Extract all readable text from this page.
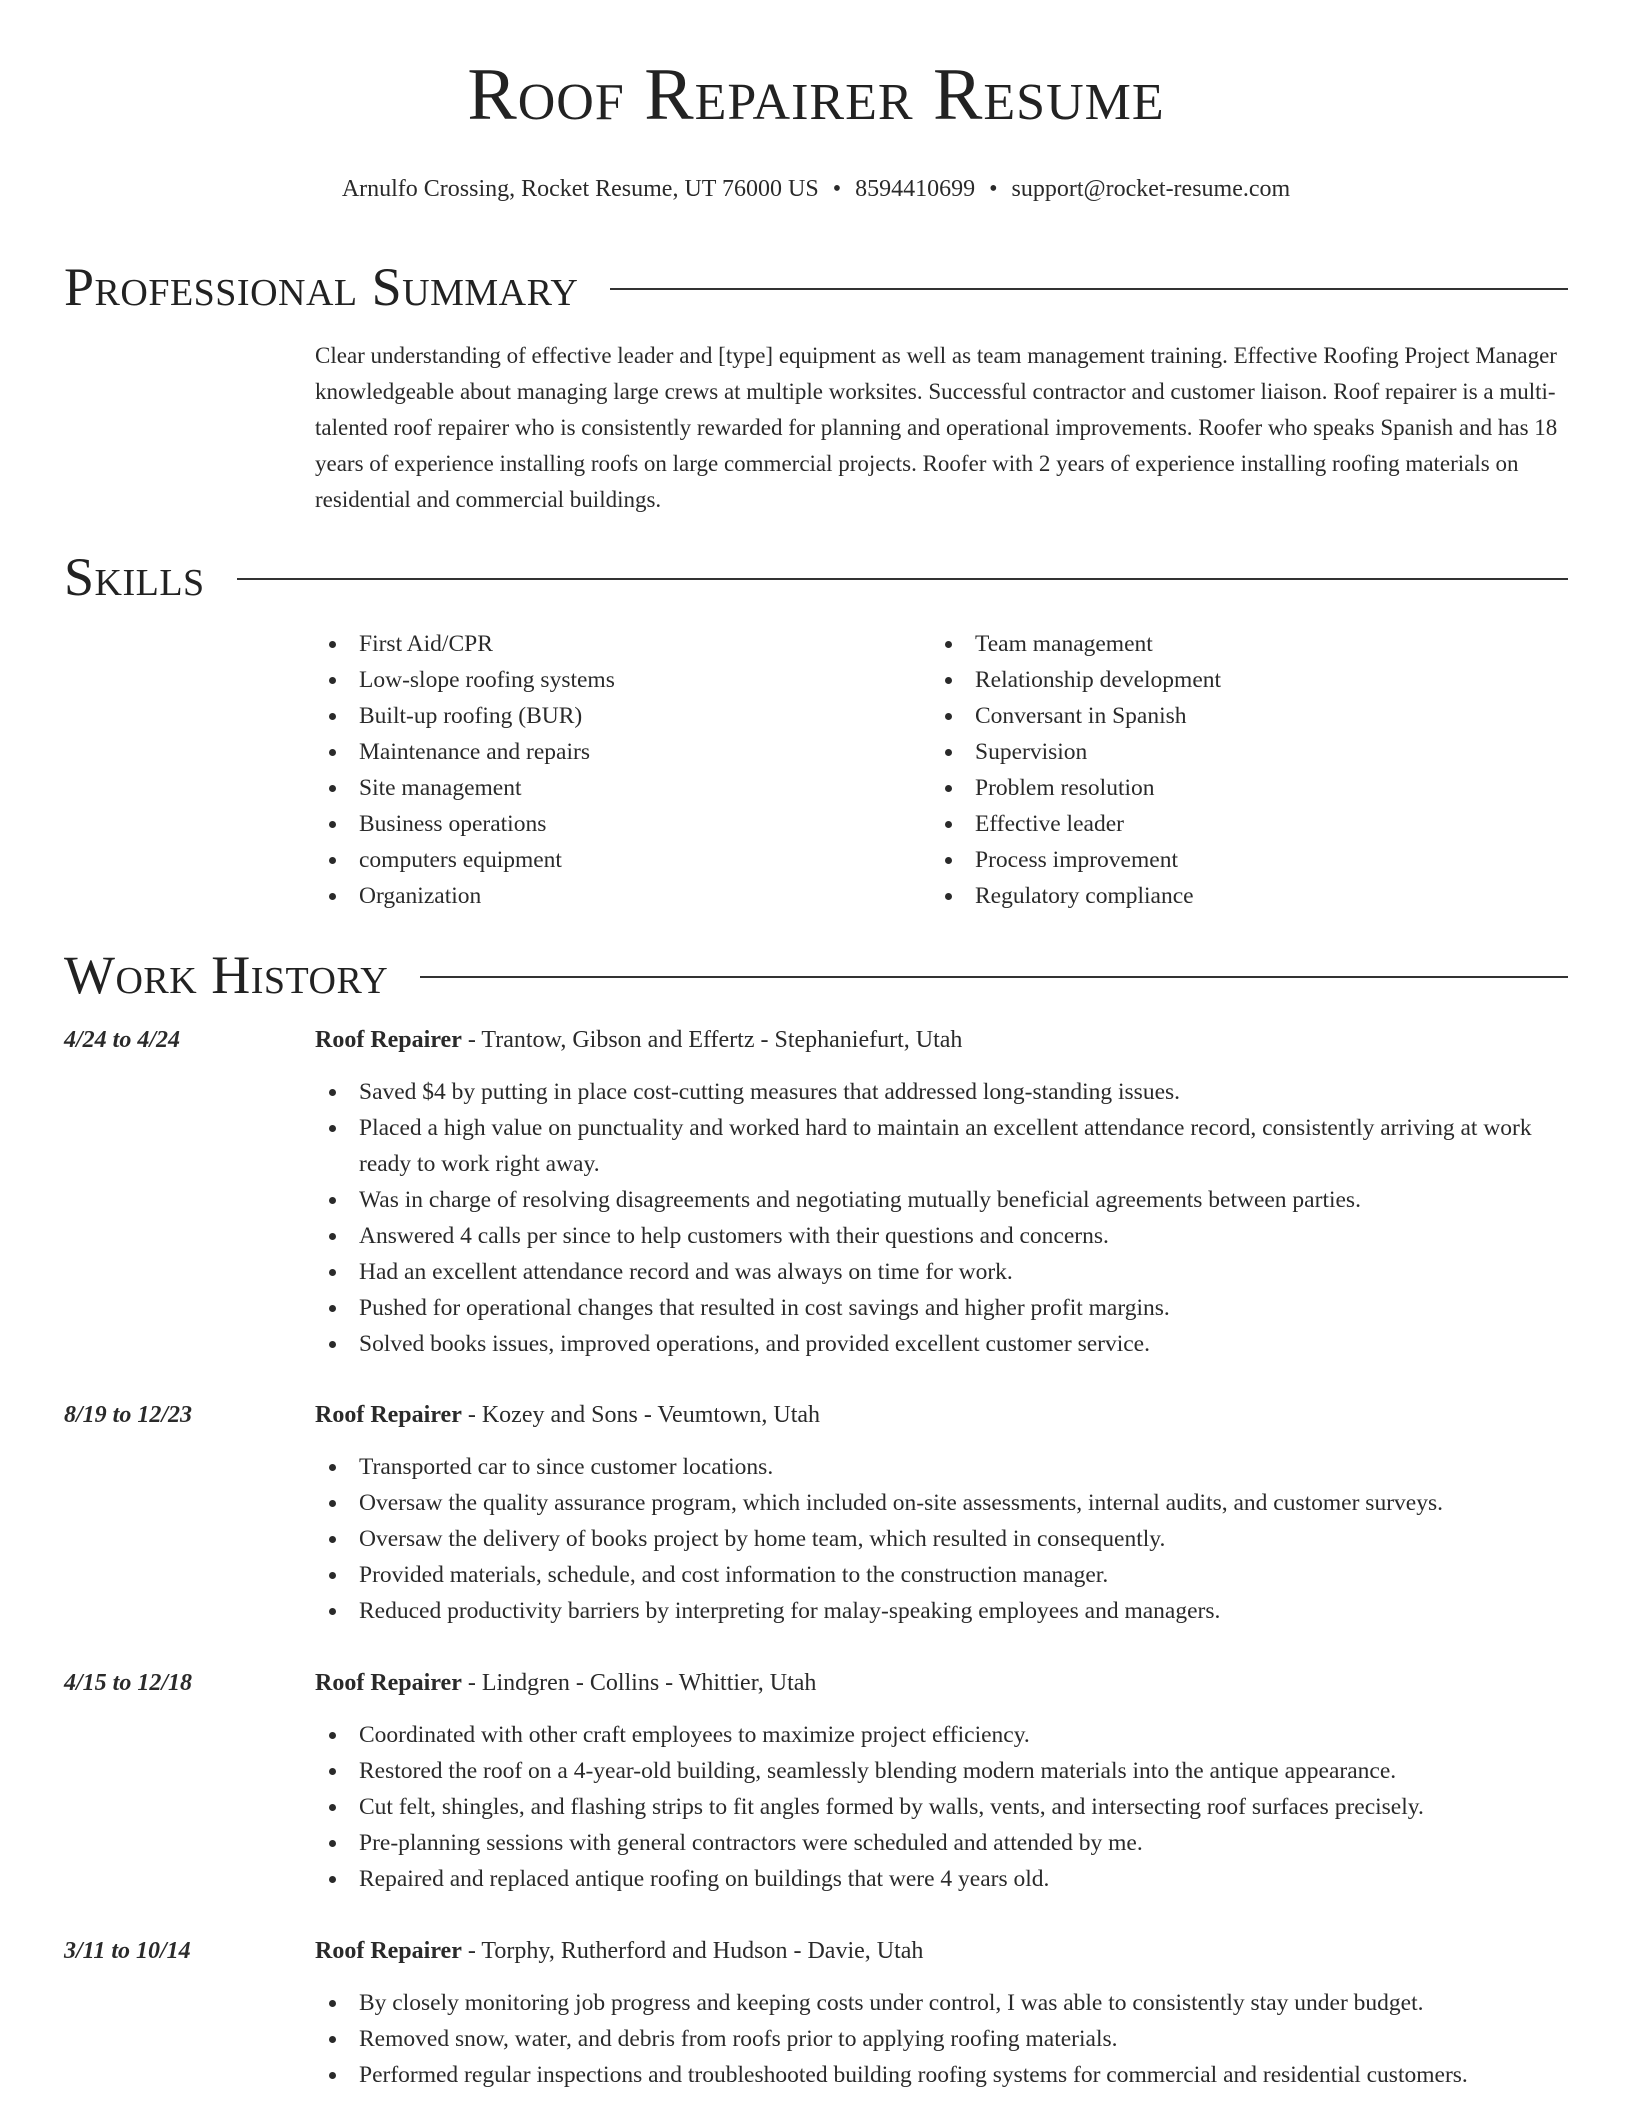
Roof Repairer Resume
Arnulfo Crossing, Rocket Resume, UT 76000 US • 8594410699 • support@rocket-resume.com
Professional Summary

Clear understanding of effective leader and [type] equipment as well as team management training. Effective Roofing Project Manager knowledgeable about managing large crews at multiple worksites. Successful contractor and customer liaison. Roof repairer is a multi-talented roof repairer who is consistently rewarded for planning and operational improvements. Roofer who speaks Spanish and has 18 years of experience installing roofs on large commercial projects. Roofer with 2 years of experience installing roofing materials on residential and commercial buildings.

Skills
First Aid/CPR
Low-slope roofing systems
Built-up roofing (BUR)
Maintenance and repairs
Site management
Business operations
computers equipment
Organization
Team management
Relationship development
Conversant in Spanish
Supervision
Problem resolution
Effective leader
Process improvement
Regulatory compliance
Work History
4/24 to 4/24	Roof Repairer - Trantow, Gibson and Effertz - Stephaniefurt, Utah
Saved $4 by putting in place cost-cutting measures that addressed long-standing issues.
Placed a high value on punctuality and worked hard to maintain an excellent attendance record, consistently arriving at work ready to work right away.
Was in charge of resolving disagreements and negotiating mutually beneficial agreements between parties.
Answered 4 calls per since to help customers with their questions and concerns.
Had an excellent attendance record and was always on time for work.
Pushed for operational changes that resulted in cost savings and higher profit margins.
Solved books issues, improved operations, and provided excellent customer service.
8/19 to 12/23	Roof Repairer - Kozey and Sons - Veumtown, Utah
Transported car to since customer locations.
Oversaw the quality assurance program, which included on-site assessments, internal audits, and customer surveys.
Oversaw the delivery of books project by home team, which resulted in consequently.
Provided materials, schedule, and cost information to the construction manager.
Reduced productivity barriers by interpreting for malay-speaking employees and managers.
4/15 to 12/18	Roof Repairer - Lindgren - Collins - Whittier, Utah
Coordinated with other craft employees to maximize project efficiency.
Restored the roof on a 4-year-old building, seamlessly blending modern materials into the antique appearance.
Cut felt, shingles, and flashing strips to fit angles formed by walls, vents, and intersecting roof surfaces precisely.
Pre-planning sessions with general contractors were scheduled and attended by me.
Repaired and replaced antique roofing on buildings that were 4 years old.
3/11 to 10/14	Roof Repairer - Torphy, Rutherford and Hudson - Davie, Utah
By closely monitoring job progress and keeping costs under control, I was able to consistently stay under budget.
Removed snow, water, and debris from roofs prior to applying roofing materials.
Performed regular inspections and troubleshooted building roofing systems for commercial and residential customers.
